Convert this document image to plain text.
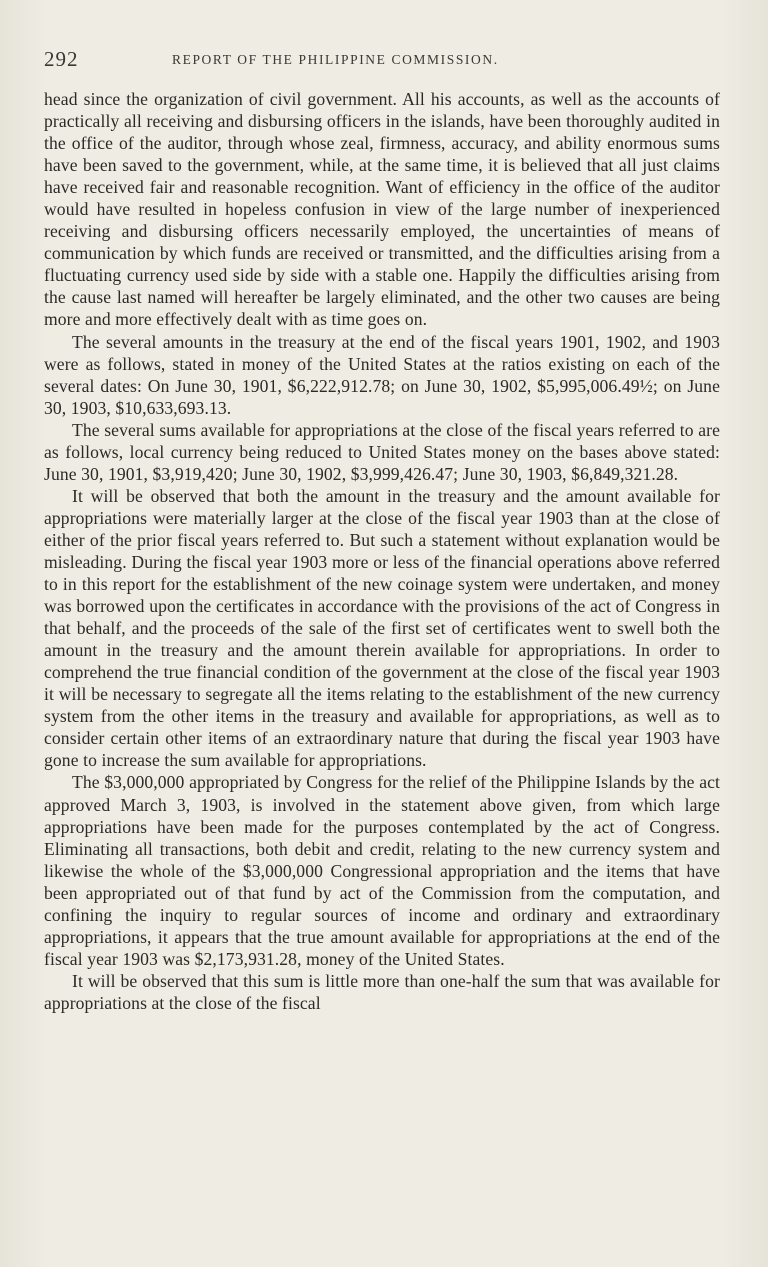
292	REPORT OF THE PHILIPPINE COMMISSION.

head since the organization of civil government. All his accounts, as well as the accounts of practically all receiving and disbursing officers in the islands, have been thoroughly audited in the office of the auditor, through whose zeal, firmness, accuracy, and ability enormous sums have been saved to the government, while, at the same time, it is believed that all just claims have received fair and reasonable recognition. Want of efficiency in the office of the auditor would have resulted in hopeless confusion in view of the large number of inexperienced receiving and disbursing officers necessarily employed, the uncertainties of means of communication by which funds are received or transmitted, and the difficulties arising from a fluctuating currency used side by side with a stable one. Happily the difficulties arising from the cause last named will hereafter be largely eliminated, and the other two causes are being more and more effectively dealt with as time goes on.

The several amounts in the treasury at the end of the fiscal years 1901, 1902, and 1903 were as follows, stated in money of the United States at the ratios existing on each of the several dates: On June 30, 1901, $6,222,912.78; on June 30, 1902, $5,995,006.49½; on June 30, 1903, $10,633,693.13.

The several sums available for appropriations at the close of the fiscal years referred to are as follows, local currency being reduced to United States money on the bases above stated: June 30, 1901, $3,919,420; June 30, 1902, $3,999,426.47; June 30, 1903, $6,849,321.28.

It will be observed that both the amount in the treasury and the amount available for appropriations were materially larger at the close of the fiscal year 1903 than at the close of either of the prior fiscal years referred to. But such a statement without explanation would be misleading. During the fiscal year 1903 more or less of the financial operations above referred to in this report for the establishment of the new coinage system were undertaken, and money was borrowed upon the certificates in accordance with the provisions of the act of Congress in that behalf, and the proceeds of the sale of the first set of certificates went to swell both the amount in the treasury and the amount therein available for appropriations. In order to comprehend the true financial condition of the government at the close of the fiscal year 1903 it will be necessary to segregate all the items relating to the establishment of the new currency system from the other items in the treasury and available for appropriations, as well as to consider certain other items of an extraordinary nature that during the fiscal year 1903 have gone to increase the sum available for appropriations.

The $3,000,000 appropriated by Congress for the relief of the Philippine Islands by the act approved March 3, 1903, is involved in the statement above given, from which large appropriations have been made for the purposes contemplated by the act of Congress. Eliminating all transactions, both debit and credit, relating to the new currency system and likewise the whole of the $3,000,000 Congressional appropriation and the items that have been appropriated out of that fund by act of the Commission from the computation, and confining the inquiry to regular sources of income and ordinary and extraordinary appropriations, it appears that the true amount available for appropriations at the end of the fiscal year 1903 was $2,173,931.28, money of the United States.

It will be observed that this sum is little more than one-half the sum that was available for appropriations at the close of the fiscal
